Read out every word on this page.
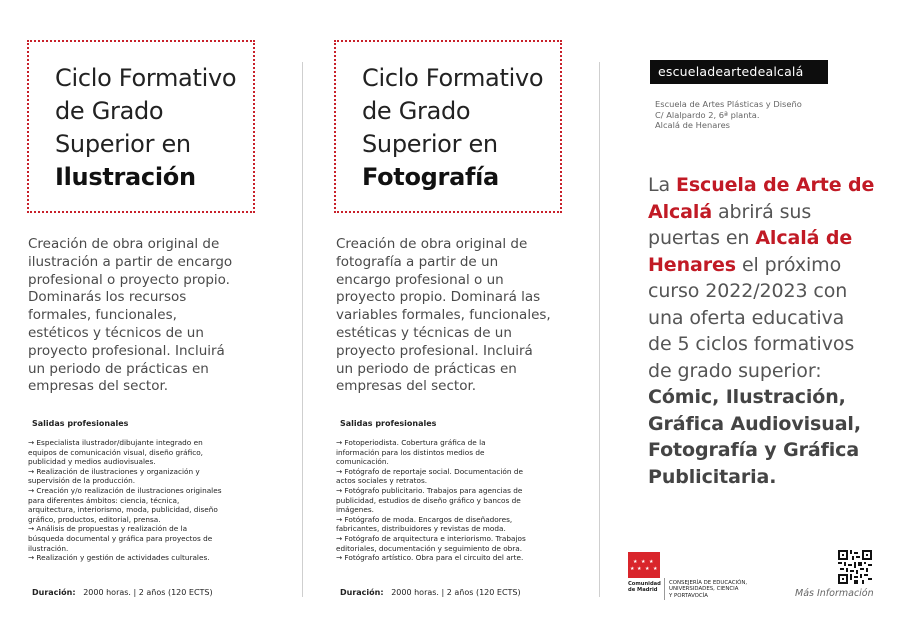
Ciclo Formativo
de Grado
Superior en
Ilustración
Creación de obra original de
ilustración a partir de encargo
profesional o proyecto propio.
Dominarás los recursos
formales, funcionales,
estéticos y técnicos de un
proyecto profesional. Incluirá
un periodo de prácticas en
empresas del sector.
Salidas profesionales
→ Especialista ilustrador/dibujante integrado en
equipos de comunicación visual, diseño gráfico,
publicidad y medios audiovisuales.
→ Realización de ilustraciones y organización y
supervisión de la producción.
→ Creación y/o realización de ilustraciones originales
para diferentes ámbitos: ciencia, técnica,
arquitectura, interiorismo, moda, publicidad, diseño
gráfico, productos, editorial, prensa.
→ Análisis de propuestas y realización de la
búsqueda documental y gráfica para proyectos de
ilustración.
→ Realización y gestión de actividades culturales.
Duración: 2000 horas. | 2 años (120 ECTS)
Ciclo Formativo
de Grado
Superior en
Fotografía
Creación de obra original de
fotografía a partir de un
encargo profesional o un
proyecto propio. Dominará las
variables formales, funcionales,
estéticas y técnicas de un
proyecto profesional. Incluirá
un periodo de prácticas en
empresas del sector.
Salidas profesionales
→ Fotoperiodista. Cobertura gráfica de la
información para los distintos medios de
comunicación.
→ Fotógrafo de reportaje social. Documentación de
actos sociales y retratos.
→ Fotógrafo publicitario. Trabajos para agencias de
publicidad, estudios de diseño gráfico y bancos de
imágenes.
→ Fotógrafo de moda. Encargos de diseñadores,
fabricantes, distribuidores y revistas de moda.
→ Fotógrafo de arquitectura e interiorismo. Trabajos
editoriales, documentación y seguimiento de obra.
→ Fotógrafo artístico. Obra para el circuito del arte.
Duración: 2000 horas. | 2 años (120 ECTS)
escueladeartedealcalá
Escuela de Artes Plásticas y Diseño
C/ Alalpardo 2, 6ª planta.
Alcalá de Henares
La Escuela de Arte de
Alcalá abrirá sus
puertas en Alcalá de
Henares el próximo
curso 2022/2023 con
una oferta educativa
de 5 ciclos formativos
de grado superior:
Cómic, Ilustración,
Gráfica Audiovisual,
Fotografía y Gráfica
Publicitaria.
★ ★ ★
★ ★ ★
★
Comunidad
de Madrid
CONSEJERÍA DE EDUCACIÓN,
UNIVERSIDADES, CIENCIA
Y PORTAVOCÍA	Más Información
